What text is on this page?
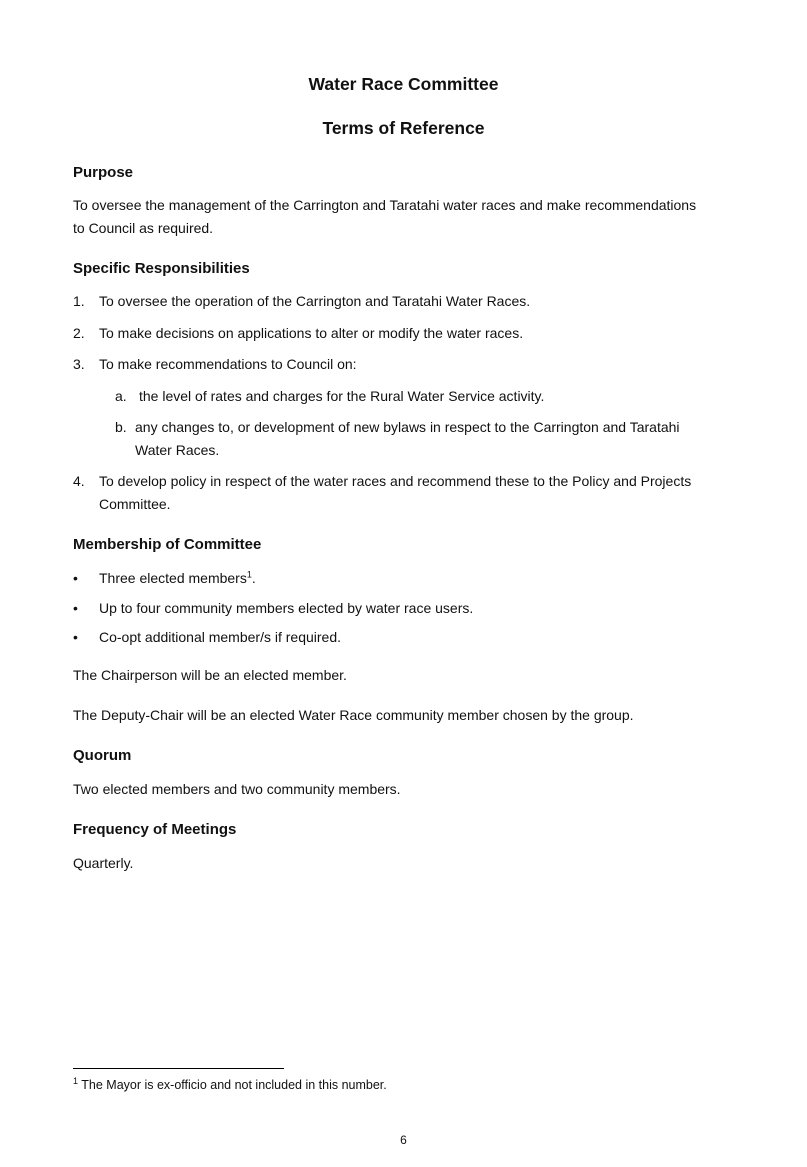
Water Race Committee
Terms of Reference
Purpose
To oversee the management of the Carrington and Taratahi water races and make recommendations
to Council as required.
Specific Responsibilities
1. To oversee the operation of the Carrington and Taratahi Water Races.
2. To make decisions on applications to alter or modify the water races.
3. To make recommendations to Council on:
a. the level of rates and charges for the Rural Water Service activity.
b. any changes to, or development of new bylaws in respect to the Carrington and Taratahi
Water Races.
4. To develop policy in respect of the water races and recommend these to the Policy and Projects
Committee.
Membership of Committee
• Three elected members$^1$.
• Up to four community members elected by water race users.
• Co-opt additional member/s if required.
The Chairperson will be an elected member.
The Deputy-Chair will be an elected Water Race community member chosen by the group.
Quorum
Two elected members and two community members.
Frequency of Meetings
Quarterly.
$^1$ The Mayor is ex-officio and not included in this number.
6
